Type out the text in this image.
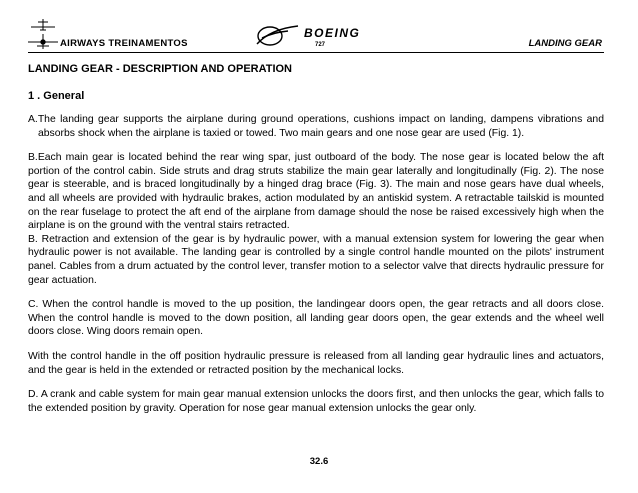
AIRWAYS TREINAMENTOS
BOEING
727	LANDING GEAR

LANDING GEAR - DESCRIPTION AND OPERATION

1 . General

A.The landing gear supports the airplane during ground operations, cushions impact on landing, dampens vibrations and absorbs shock when the airplane is taxied or towed. Two main gears and one nose gear are used (Fig. 1).

B.Each main gear is located behind the rear wing spar, just outboard of the body. The nose gear is located below the aft portion of the control cabin. Side struts and drag struts stabilize the main gear laterally and longitudinally (Fig. 2). The nose gear is steerable, and is braced longitudinally by a hinged drag brace (Fig. 3). The main and nose gears have dual wheels, and all wheels are provided with hydraulic brakes, action modulated by an antiskid system. A retractable tailskid is mounted on the rear fuselage to protect the aft end of the airplane from damage should the nose be raised excessively high when the airplane is on the ground with the ventral stairs retracted.

B. Retraction and extension of the gear is by hydraulic power, with a manual extension system for lowering the gear when hydraulic power is not available. The landing gear is controlled by a single control handle mounted on the pilots' instrument panel. Cables from a drum actuated by the control lever, transfer motion to a selector valve that directs hydraulic pressure for gear actuation.

C. When the control handle is moved to the up position, the landingear doors open, the gear retracts and all doors close. When the control handle is moved to the down position, all landing gear doors open, the gear extends and the wheel well doors close. Wing doors remain open.

With the control handle in the off position hydraulic pressure is released from all landing gear hydraulic lines and actuators, and the gear is held in the extended or retracted position by the mechanical locks.

D. A crank and cable system for main gear manual extension unlocks the doors first, and then unlocks the gear, which falls to the extended position by gravity. Operation for nose gear manual extension unlocks the gear only.

32.6
